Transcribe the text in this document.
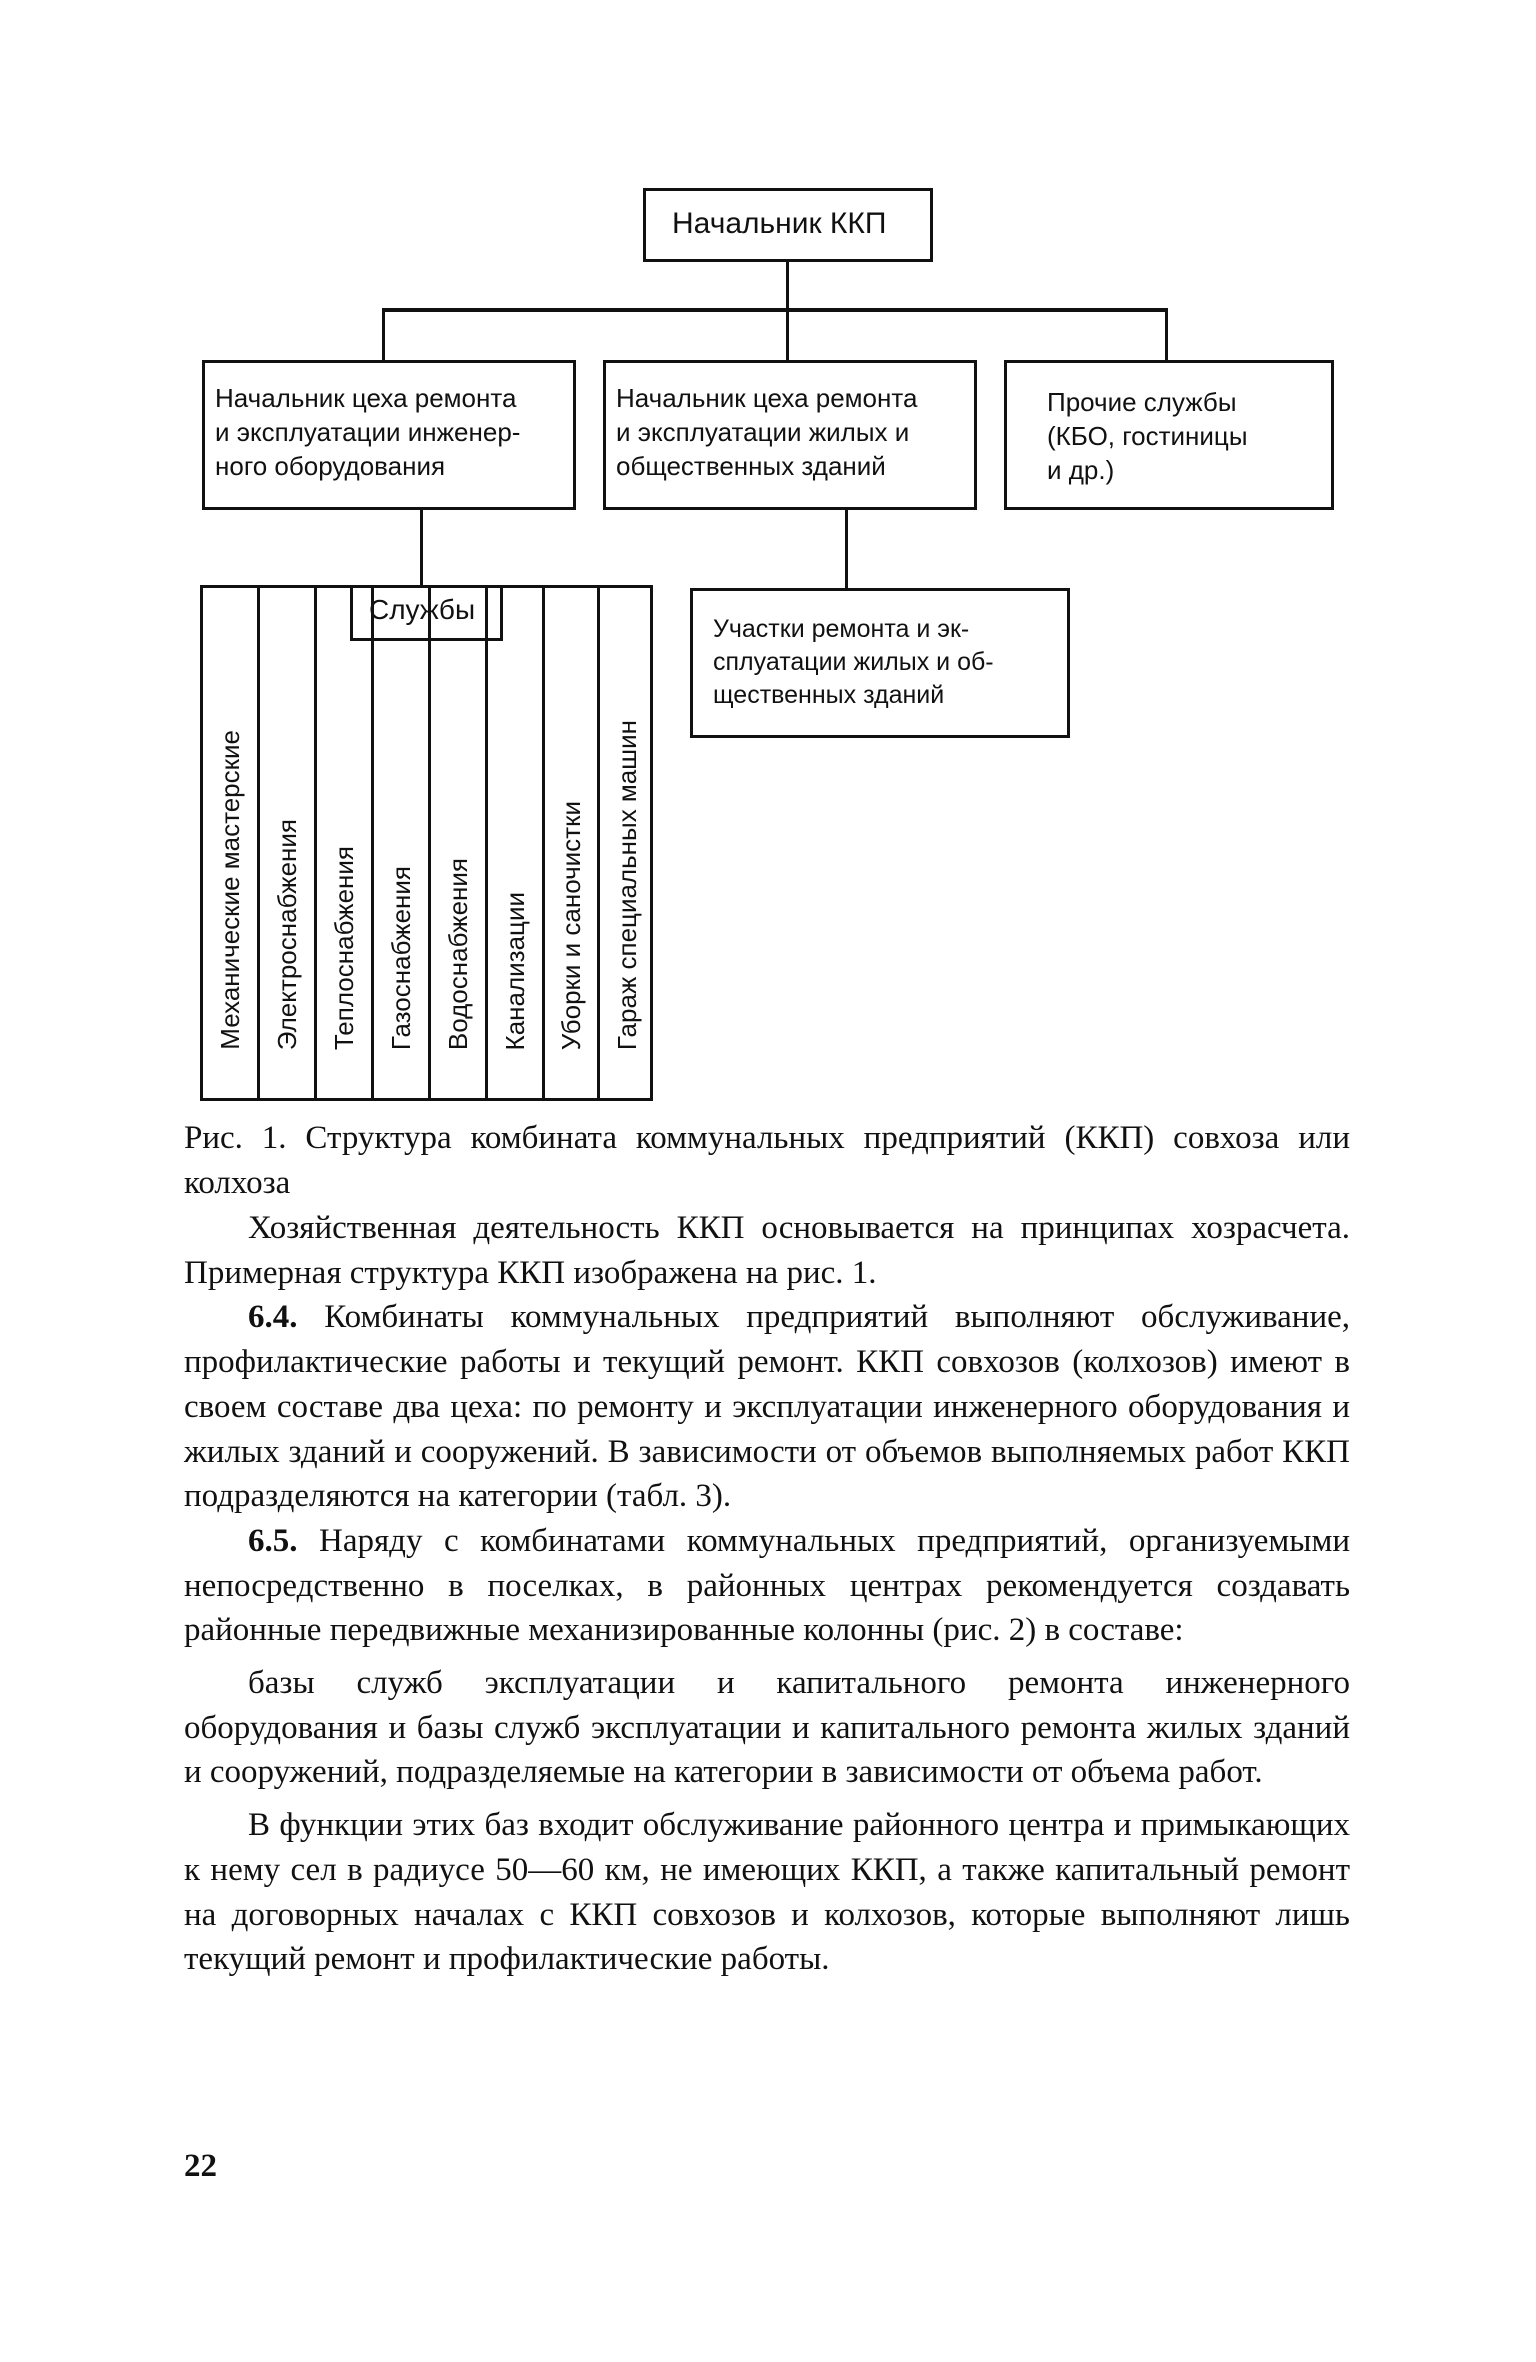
Начальник ККП
Начальник цеха ремонта
и эксплуатации инженер-
ного оборудования
Начальник цеха ремонта
и эксплуатации жилых и
общественных зданий
Прочие службы
(КБО, гостиницы
и др.)
Службы
Механические мастерские Электроснабжения Теплоснабжения Газоснабжения Водоснабжения Канализации Уборки и саночистки Гараж специальных машин
Участки ремонта и эк-
сплуатации жилых и об-
щественных зданий
Рис. 1. Структура комбината коммунальных предприятий (ККП) совхоза или колхоза

Хозяйственная деятельность ККП основывается на принципах хозрасчета. Примерная структура ККП изображена на рис. 1.

6.4. Комбинаты коммунальных предприятий выполняют обслуживание, профилактические работы и текущий ремонт. ККП совхозов (колхозов) имеют в своем составе два цеха: по ремонту и эксплуатации инженерного оборудования и жилых зданий и сооружений. В зависимости от объемов выполняемых работ ККП подразделяются на категории (табл. 3).

6.5. Наряду с комбинатами коммунальных предприятий, организуемыми непосредственно в поселках, в районных центрах рекомендуется создавать районные передвижные механизированные колонны (рис. 2) в составе:

базы служб эксплуатации и капитального ремонта инженерного оборудования и базы служб эксплуатации и капитального ремонта жилых зданий и сооружений, подразделяемые на категории в зависимости от объема работ.

В функции этих баз входит обслуживание районного центра и примыкающих к нему сел в радиусе 50—60 км, не имеющих ККП, а также капитальный ремонт на договорных началах с ККП совхозов и колхозов, которые выполняют лишь текущий ремонт и профилактические работы.

22
